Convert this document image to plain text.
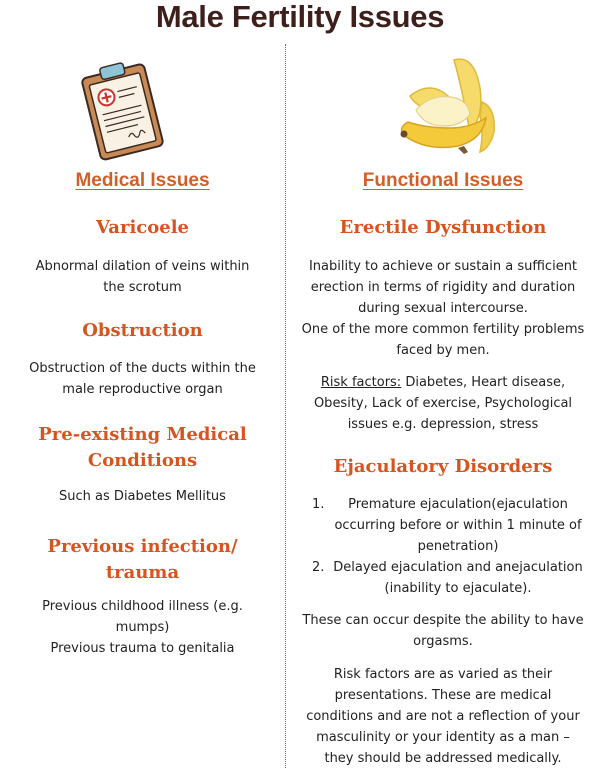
Male Fertility Issues
Medical Issues
Varicoele
Abnormal dilation of veins within
the scrotum
Obstruction
Obstruction of the ducts within the
male reproductive organ
Pre-existing Medical
Conditions
Such as Diabetes Mellitus
Previous infection/
trauma
Previous childhood illness (e.g.
mumps)
Previous trauma to genitalia
Functional Issues
Erectile Dysfunction
Inability to achieve or sustain a sufficient
erection in terms of rigidity and duration
during sexual intercourse.
One of the more common fertility problems
faced by men.
Risk factors: Diabetes, Heart disease,
Obesity, Lack of exercise, Psychological
issues e.g. depression, stress
Ejaculatory Disorders
1.	Premature ejaculation(ejaculation
occurring before or within 1 minute of
penetration)
2. Delayed ejaculation and anejaculation
(inability to ejaculate).
These can occur despite the ability to have
orgasms.
Risk factors are as varied as their
presentations. These are medical
conditions and are not a reflection of your
masculinity or your identity as a man –
they should be addressed medically.
